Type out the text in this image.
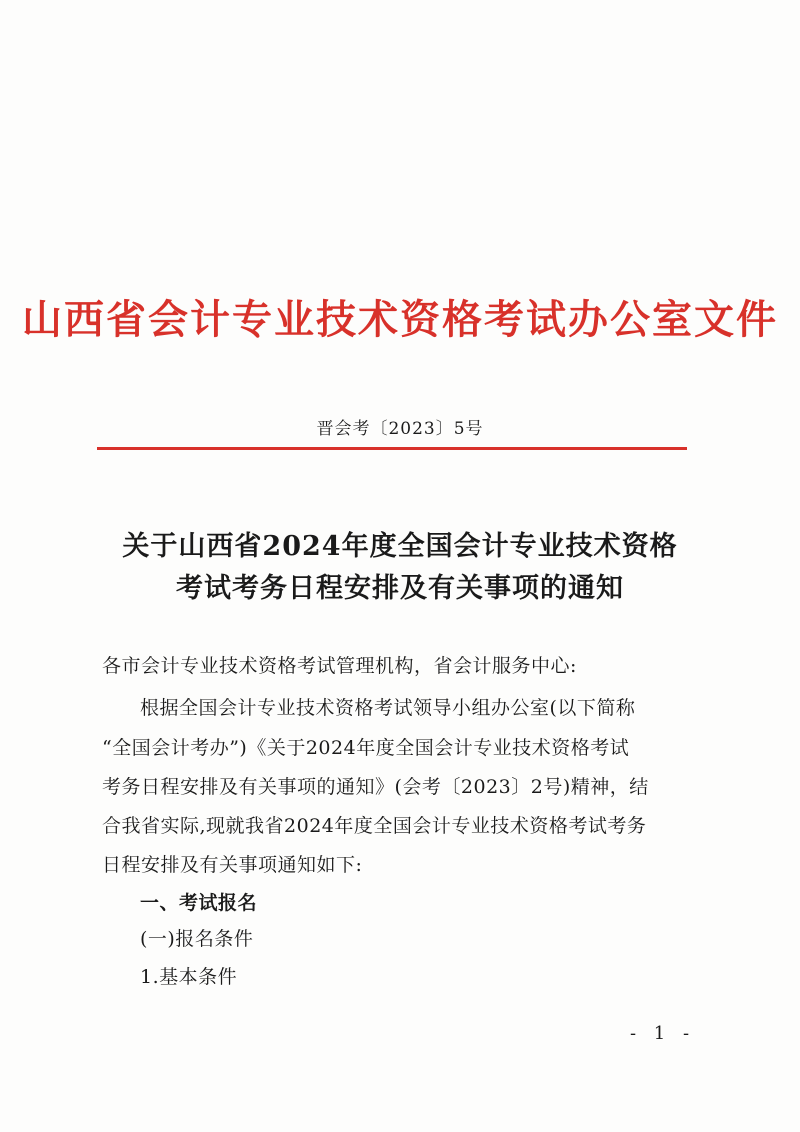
山西省会计专业技术资格考试办公室文件
晋会考〔2023〕5号
关于山西省2024年度全国会计专业技术资格
考试考务日程安排及有关事项的通知
各市会计专业技术资格考试管理机构，省会计服务中心:
根据全国会计专业技术资格考试领导小组办公室(以下简称
“全国会计考办”)《关于2024年度全国会计专业技术资格考试
考务日程安排及有关事项的通知》(会考〔2023〕2号)精神，结
合我省实际,现就我省2024年度全国会计专业技术资格考试考务
日程安排及有关事项通知如下:
一、考试报名
(一)报名条件
1.基本条件
- 1 -
